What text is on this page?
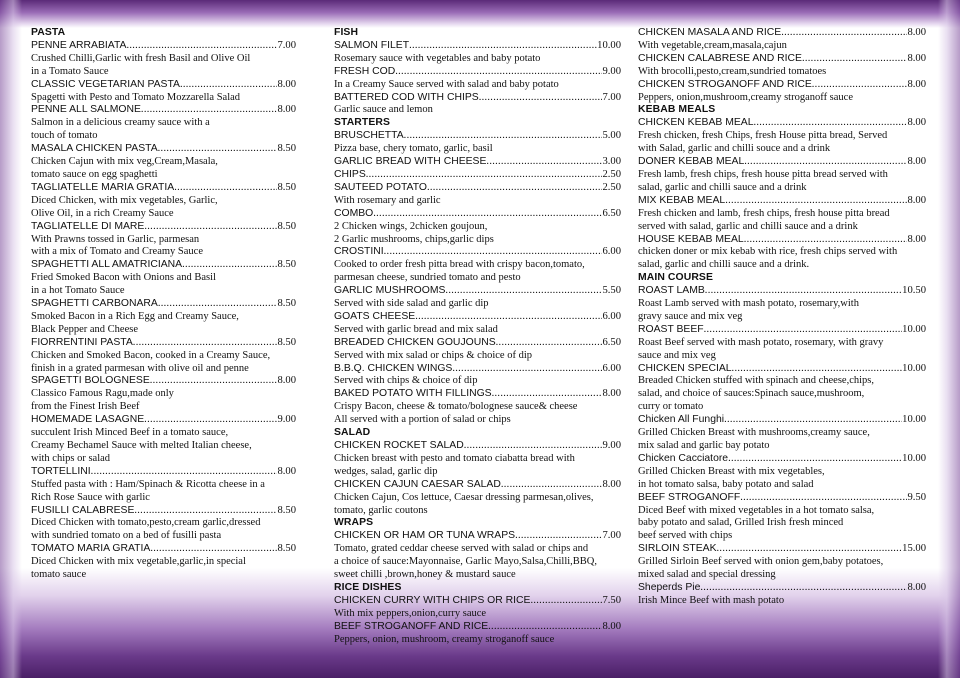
PASTA
PENNE ARRABIATA .....	7.00
Crushed Chilli,Garlic with fresh Basil and Olive Oil
in a Tomato Sauce
CLASSIC VEGETARIAN PASTA .....	8.00
Spagetti with Pesto and Tomato Mozzarella Salad
PENNE ALL SALMONE .....	8.00
Salmon in a delicious creamy sauce with a
touch of tomato
MASALA CHICKEN PASTA .....	8.50
Chicken Cajun with mix veg,Cream,Masala,
tomato sauce on egg spaghetti
TAGLIATELLE MARIA GRATIA .....	8.50
Diced Chicken, with mix vegetables, Garlic,
Olive Oil, in a rich Creamy Sauce
TAGLIATELLE DI MARE .....	8.50
With Prawns tossed in Garlic, parmesan
with a mix of Tomato and Creamy Sauce
SPAGHETTI ALL AMATRICIANA .....	8.50
Fried Smoked Bacon with Onions and Basil
in a hot Tomato Sauce
SPAGHETTI CARBONARA .....	8.50
Smoked Bacon in a Rich Egg and Creamy Sauce,
Black Pepper and Cheese
FIORRENTINI PASTA .....	8.50
Chicken and Smoked Bacon, cooked in a Creamy Sauce,
finish in a grated parmesan with olive oil and penne
SPAGETTI BOLOGNESE .....	8.00
Classico Famous Ragu,made only
from the Finest Irish Beef
HOMEMADE LASAGNE .....	9.00
succulent Irish Minced Beef in a tomato sauce,
Creamy Bechamel Sauce with melted Italian cheese,
with chips or salad
TORTELLINI .....	8.00
Stuffed pasta with : Ham/Spinach & Ricotta cheese in a
Rich Rose Sauce with garlic
FUSILLI CALABRESE .....	8.50
Diced Chicken with tomato,pesto,cream garlic,dressed
with sundried tomato on a bed of fusilli pasta
TOMATO MARIA GRATIA .....	8.50
Diced Chicken with mix vegetable,garlic,in special
tomato sauce
FISH
SALMON FILET .....	10.00
Rosemary sauce with vegetables and baby potato
FRESH COD .....	9.00
In a Creamy Sauce served with salad and baby potato
BATTERED COD WITH CHIPS .....	7.00
Garlic sauce and lemon
STARTERS
BRUSCHETTA .....	5.00
Pizza base, chery tomato, garlic, basil
GARLIC BREAD WITH CHEESE .....	3.00
CHIPS .....	2.50
SAUTEED POTATO .....	2.50
With rosemary and garlic
COMBO .....	6.50
2 Chicken wings, 2chicken goujoun,
2 Garlic mushrooms, chips,garlic dips
CROSTINI .....	6.00
Cooked to order fresh pitta bread with crispy bacon,tomato,
parmesan cheese, sundried tomato and pesto
GARLIC MUSHROOMS .....	5.50
Served with side salad and garlic dip
GOATS CHEESE .....	6.00
Served with garlic bread and mix salad
BREADED CHICKEN GOUJOUNS .....	6.50
Served with mix salad or chips & choice of dip
B.B.Q. CHICKEN WINGS .....	6.00
Served with chips & choice of dip
BAKED POTATO WITH FILLINGS .....	8.00
Crispy Bacon, cheese & tomato/bolognese sauce& cheese
All served with a portion of salad or chips
SALAD
CHICKEN ROCKET SALAD .....	9.00
Chicken breast with pesto and tomato ciabatta bread with
wedges, salad, garlic dip
CHICKEN CAJUN CAESAR SALAD .....	8.00
Chicken Cajun, Cos lettuce, Caesar dressing parmesan,olives,
tomato, garlic coutons
WRAPS
CHICKEN OR HAM OR TUNA WRAPS .....	7.00
Tomato, grated ceddar cheese served with salad or chips and
a choice of sauce:Mayonnaise, Garlic Mayo,Salsa,Chilli,BBQ,
sweet chilli ,brown,honey & mustard sauce
RICE DISHES
CHICKEN CURRY WITH CHIPS OR RICE .....	7.50
With mix peppers,onion,curry sauce
BEEF STROGANOFF AND RICE .....	8.00
Peppers, onion, mushroom, creamy stroganoff sauce
CHICKEN MASALA AND RICE .....	8.00
With vegetable,cream,masala,cajun
CHICKEN CALABRESE AND RICE .....	8.00
With brocolli,pesto,cream,sundried tomatoes
CHICKEN STROGANOFF AND RICE .....	8.00
Peppers, onion,mushroom,creamy stroganoff sauce
KEBAB MEALS
CHICKEN KEBAB MEAL .....	8.00
Fresh chicken, fresh Chips, fresh House pitta bread, Served
with Salad, garlic and chilli souce and a drink
DONER KEBAB MEAL .....	8.00
Fresh lamb, fresh chips, fresh house pitta bread served with
salad, garlic and chilli sauce and a drink
MIX KEBAB MEAL .....	8.00
Fresh chicken and lamb, fresh chips, fresh house pitta bread
served with salad, garlic and chilli sauce and a drink
HOUSE KEBAB MEAL .....	8.00
chicken doner or mix kebab with rice, fresh chips served with
salad, garlic and chilli sauce and a drink.
MAIN COURSE
ROAST LAMB .....	10.50
Roast Lamb served with mash potato, rosemary,with
gravy sauce and mix veg
ROAST BEEF .....	10.00
Roast Beef served with mash potato, rosemary, with gravy
sauce and mix veg
CHICKEN SPECIAL .....	10.00
Breaded Chicken stuffed with spinach and cheese,chips,
salad, and choice of sauces:Spinach sauce,mushroom,
curry or tomato
Chicken All Funghi .....	10.00
Grilled Chicken Breast with mushrooms,creamy sauce,
mix salad and garlic bay potato
Chicken Cacciatore .....	10.00
Grilled Chicken Breast with mix vegetables,
in hot tomato salsa, baby potato and salad
BEEF STROGANOFF .....	9.50
Diced Beef with mixed vegetables in a hot tomato salsa,
baby potato and salad, Grilled Irish fresh minced
beef served with chips
SIRLOIN STEAK .....	15.00
Grilled Sirloin Beef served with onion gem,baby potatoes,
mixed salad and special dressing
Sheperds Pie .....	8.00
Irish Mince Beef with mash potato
